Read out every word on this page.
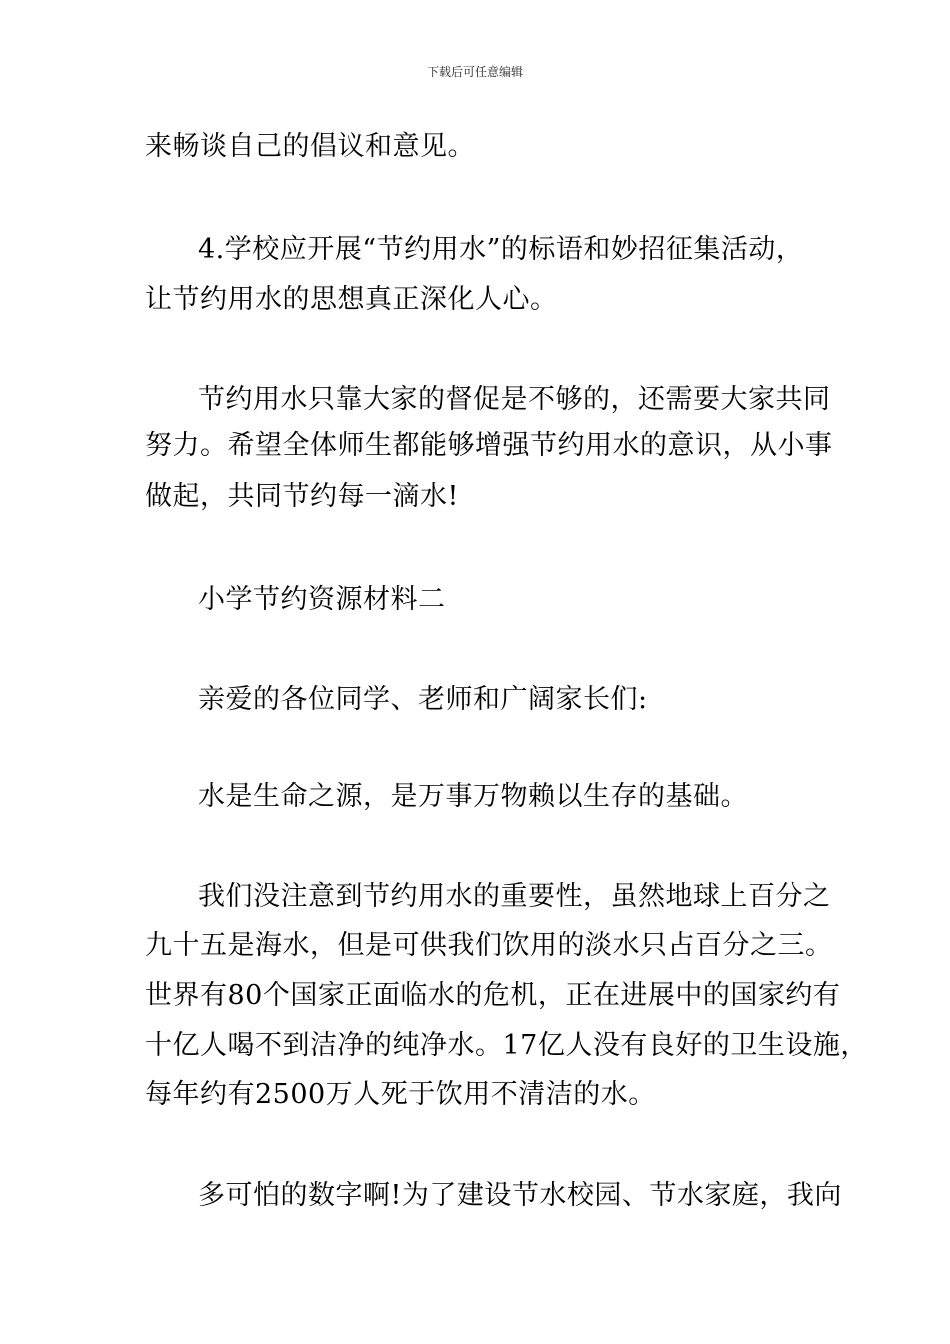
下载后可任意编辑
来畅谈自己的倡议和意见。
4.学校应开展“节约用水”的标语和妙招征集活动，
让节约用水的思想真正深化人心。
节约用水只靠大家的督促是不够的，还需要大家共同
努力。希望全体师生都能够增强节约用水的意识，从小事
做起，共同节约每一滴水!
小学节约资源材料二
亲爱的各位同学、老师和广阔家长们:
水是生命之源，是万事万物赖以生存的基础。
我们没注意到节约用水的重要性，虽然地球上百分之
九十五是海水，但是可供我们饮用的淡水只占百分之三。
世界有80个国家正面临水的危机，正在进展中的国家约有
十亿人喝不到洁净的纯净水。17亿人没有良好的卫生设施，
每年约有2500万人死于饮用不清洁的水。
多可怕的数字啊!为了建设节水校园、节水家庭，我向
